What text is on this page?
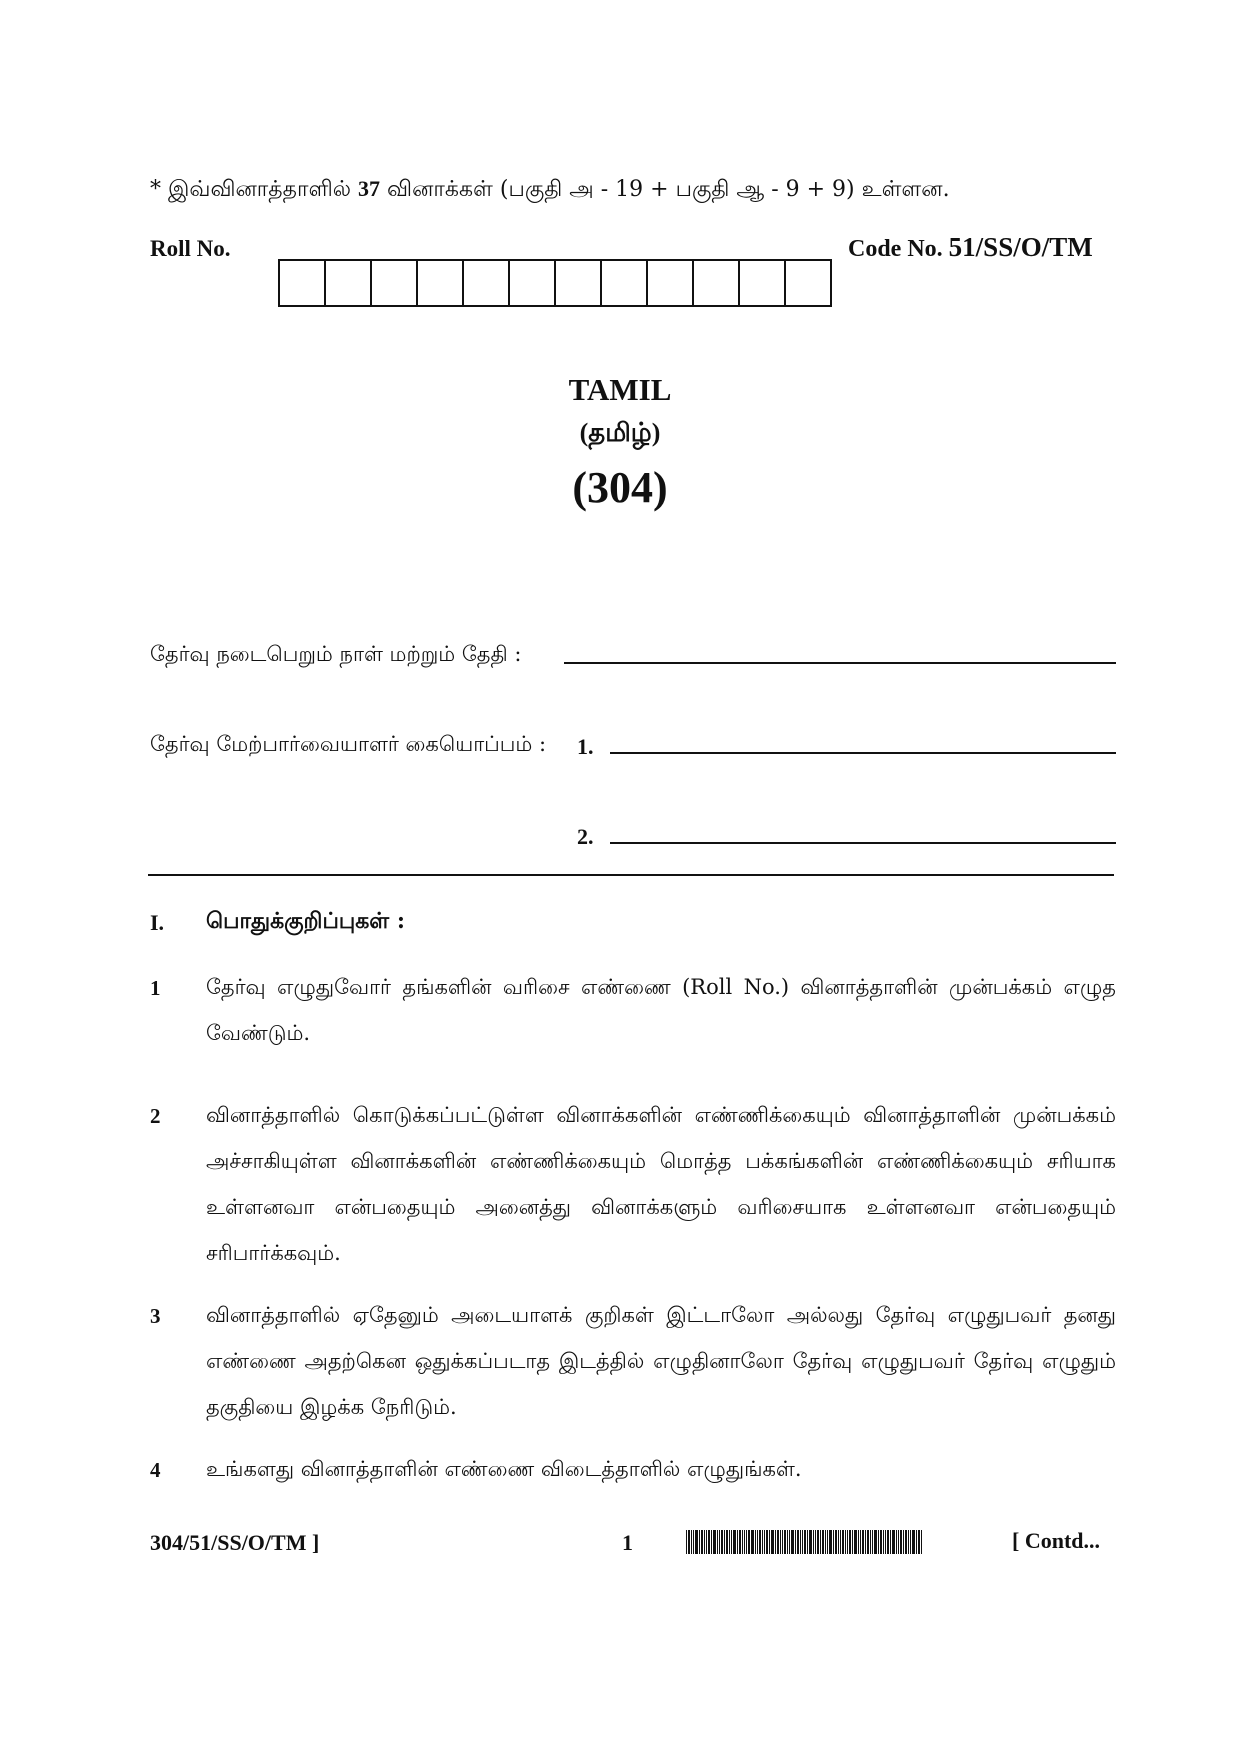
* இவ்வினாத்தாளில் 37 வினாக்கள் (பகுதி அ - 19 + பகுதி ஆ - 9 + 9) உள்ளன.
Roll No.	Code No. 51/SS/O/TM
TAMIL
(தமிழ்)
(304)
தேர்வு நடைபெறும் நாள் மற்றும் தேதி :
தேர்வு மேற்பார்வையாளர் கையொப்பம் : 1.
2.
I. பொதுக்குறிப்புகள் :
1 தேர்வு எழுதுவோர் தங்களின் வரிசை எண்ணை (Roll No.) வினாத்தாளின் முன்பக்கம் எழுத வேண்டும்.
2 வினாத்தாளில் கொடுக்கப்பட்டுள்ள வினாக்களின் எண்ணிக்கையும் வினாத்தாளின் முன்பக்கம் அச்சாகியுள்ள வினாக்களின் எண்ணிக்கையும் மொத்த பக்கங்களின் எண்ணிக்கையும் சரியாக உள்ளனவா என்பதையும் அனைத்து வினாக்களும் வரிசையாக உள்ளனவா என்பதையும் சரிபார்க்கவும்.
3 வினாத்தாளில் ஏதேனும் அடையாளக் குறிகள் இட்டாலோ அல்லது தேர்வு எழுதுபவர் தனது எண்ணை அதற்கென ஒதுக்கப்படாத இடத்தில் எழுதினாலோ தேர்வு எழுதுபவர் தேர்வு எழுதும் தகுதியை இழக்க நேரிடும்.
4 உங்களது வினாத்தாளின் எண்ணை விடைத்தாளில் எழுதுங்கள்.
304/51/SS/O/TM ]	1	[ Contd...
